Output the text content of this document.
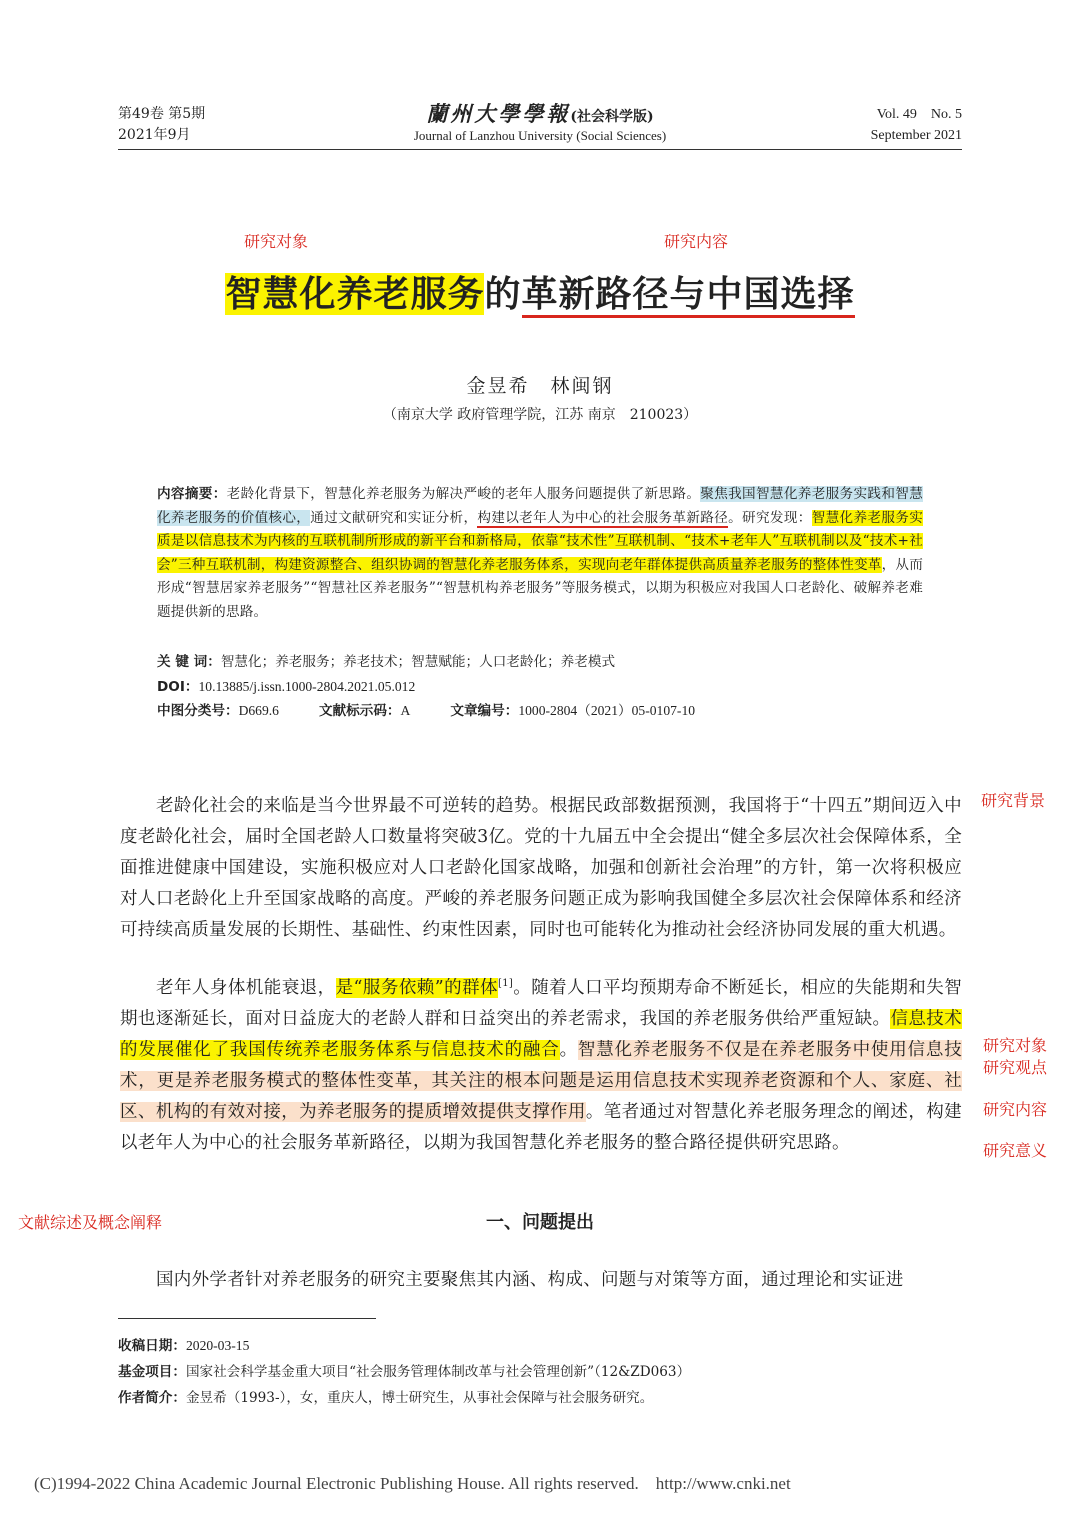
第49卷 第5期
2021年9月
蘭州大學學報(社会科学版)
Journal of Lanzhou University (Social Sciences)
Vol. 49    No. 5
September 2021
研究对象	研究内容
智慧化养老服务的革新路径与中国选择
金昱希　林闽钢
（南京大学 政府管理学院，江苏 南京　210023）
内容摘要：老龄化背景下，智慧化养老服务为解决严峻的老年人服务问题提供了新思路。聚焦我国智慧化养老服务实践和智慧化养老服务的价值核心，通过文献研究和实证分析，构建以老年人为中心的社会服务革新路径。研究发现：智慧化养老服务实质是以信息技术为内核的互联机制所形成的新平台和新格局，依靠“技术性”互联机制、“技术+老年人”互联机制以及“技术+社会”三种互联机制，构建资源整合、组织协调的智慧化养老服务体系，实现向老年群体提供高质量养老服务的整体性变革，从而形成“智慧居家养老服务”“智慧社区养老服务”“智慧机构养老服务”等服务模式，以期为积极应对我国人口老龄化、破解养老难题提供新的思路。
关 键 词：智慧化；养老服务；养老技术；智慧赋能；人口老龄化；养老模式
DOI：10.13885/j.issn.1000-2804.2021.05.012
中图分类号：D669.6	文献标示码：A	文章编号：1000-2804（2021）05-0107-10
研究背景
研究对象
研究观点
研究内容
研究意义
文献综述及概念阐释
老龄化社会的来临是当今世界最不可逆转的趋势。根据民政部数据预测，我国将于“十四五”期间迈入中度老龄化社会，届时全国老龄人口数量将突破3亿。党的十九届五中全会提出“健全多层次社会保障体系，全面推进健康中国建设，实施积极应对人口老龄化国家战略，加强和创新社会治理”的方针，第一次将积极应对人口老龄化上升至国家战略的高度。严峻的养老服务问题正成为影响我国健全多层次社会保障体系和经济可持续高质量发展的长期性、基础性、约束性因素，同时也可能转化为推动社会经济协同发展的重大机遇。
老年人身体机能衰退，是“服务依赖”的群体[1]。随着人口平均预期寿命不断延长，相应的失能期和失智期也逐渐延长，面对日益庞大的老龄人群和日益突出的养老需求，我国的养老服务供给严重短缺。信息技术的发展催化了我国传统养老服务体系与信息技术的融合。智慧化养老服务不仅是在养老服务中使用信息技术，更是养老服务模式的整体性变革，其关注的根本问题是运用信息技术实现养老资源和个人、家庭、社区、机构的有效对接，为养老服务的提质增效提供支撑作用。笔者通过对智慧化养老服务理念的阐述，构建以老年人为中心的社会服务革新路径，以期为我国智慧化养老服务的整合路径提供研究思路。
一、问题提出
国内外学者针对养老服务的研究主要聚焦其内涵、构成、问题与对策等方面，通过理论和实证进
收稿日期：2020-03-15
基金项目：国家社会科学基金重大项目“社会服务管理体制改革与社会管理创新”（12&ZD063）
作者简介：金昱希（1993-），女，重庆人，博士研究生，从事社会保障与社会服务研究。
(C)1994-2022 China Academic Journal Electronic Publishing House. All rights reserved.    http://www.cnki.net
